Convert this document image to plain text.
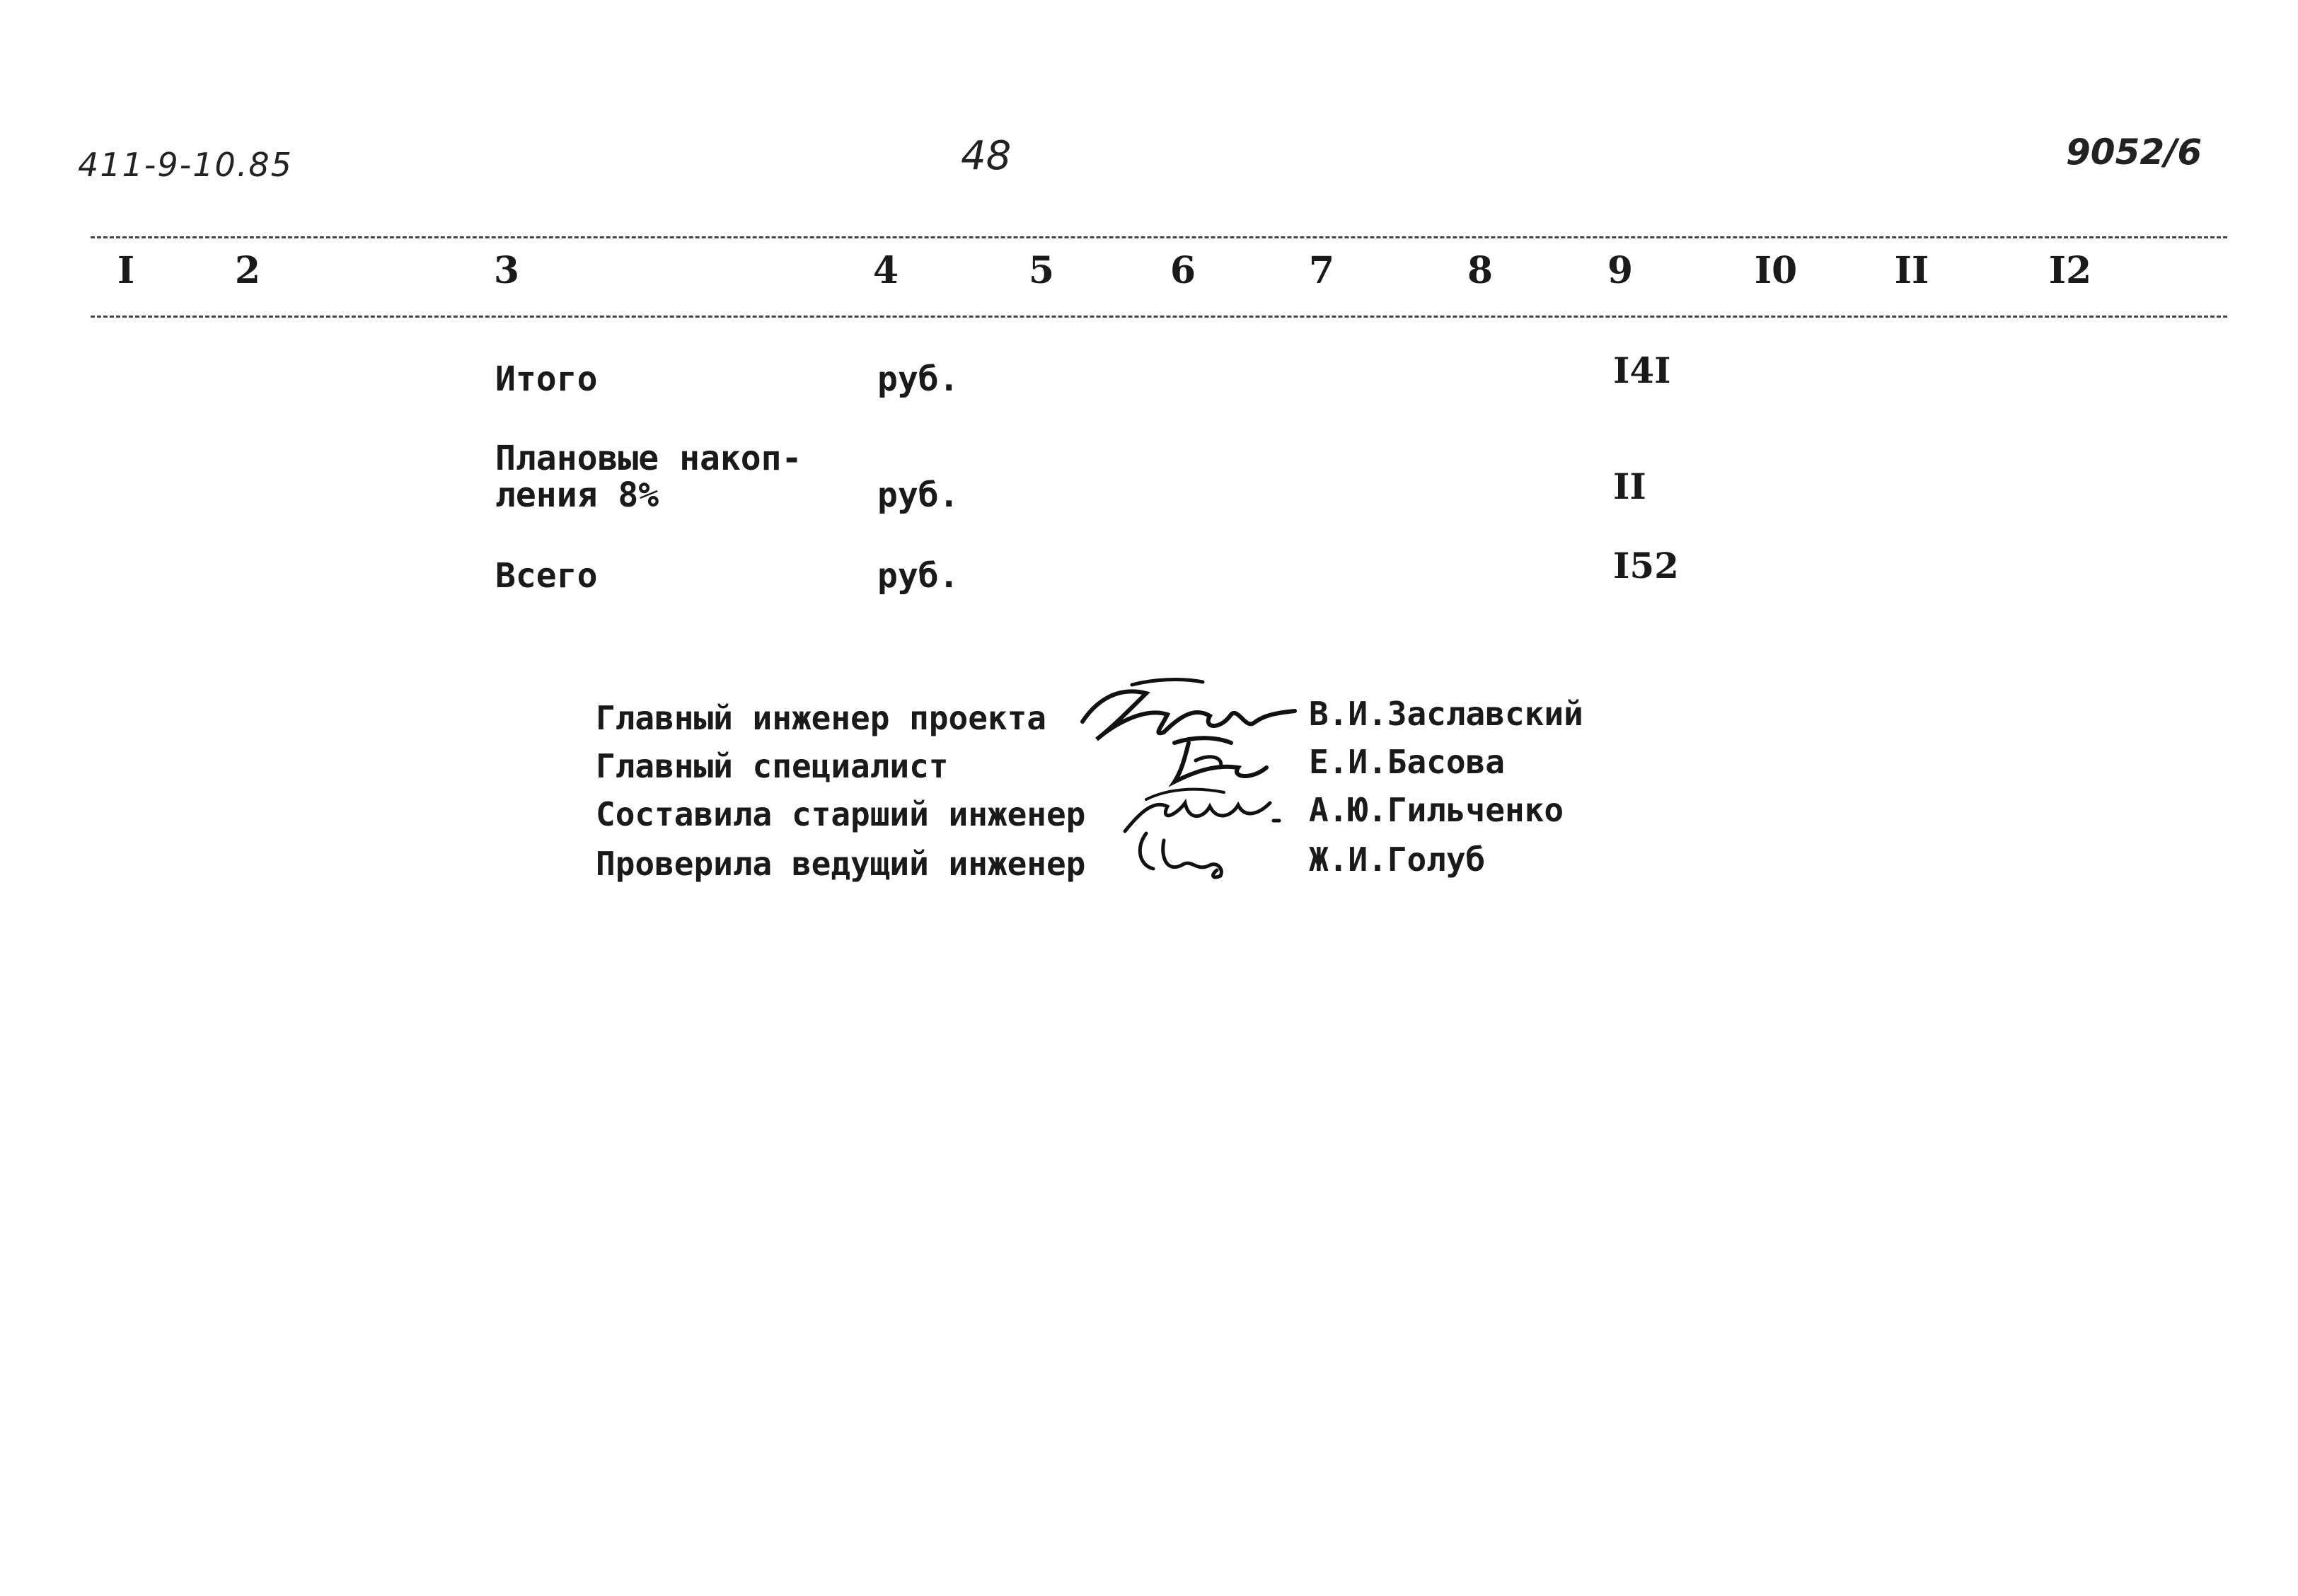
411-9-10.85	48	9052/6
I	2	3	4	5	6	7	8	9	I0	II	I2
Итого	руб.	I4I
Плановые накоп-
ления 8%	руб.	II
Всего	руб.	I52
Главный инженер проекта	В.И.Заславский
Главный специалист	Е.И.Басова
Составила старший инженер	А.Ю.Гильченко
Проверила ведущий инженер	Ж.И.Голуб
